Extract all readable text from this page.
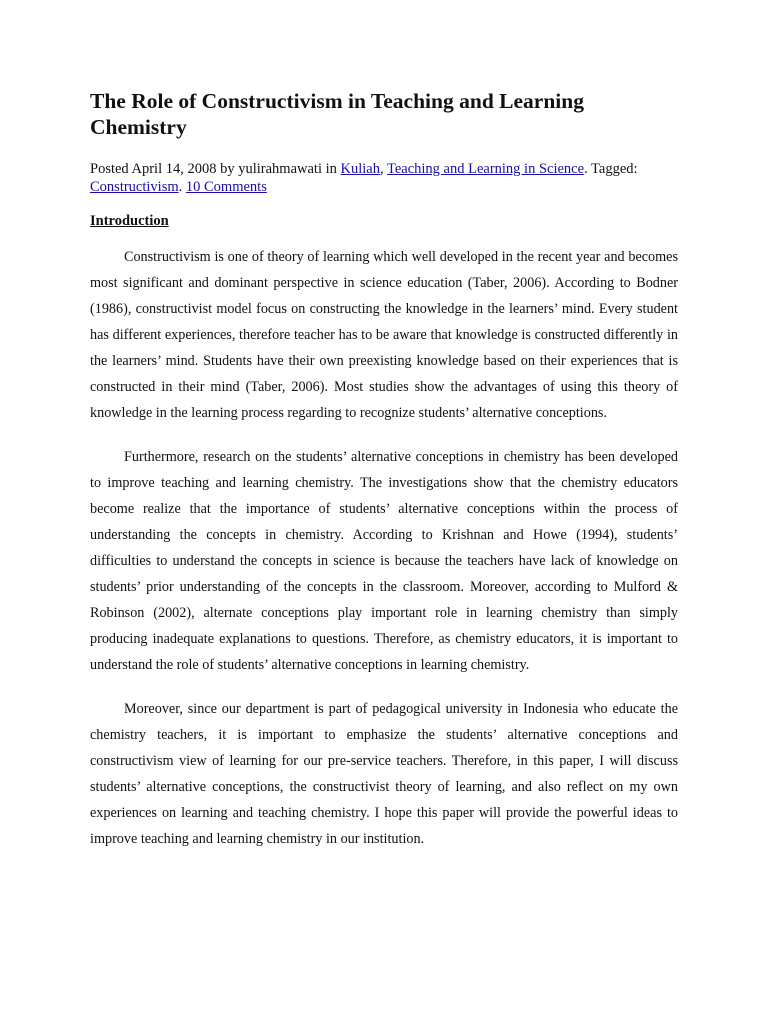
The Role of Constructivism in Teaching and Learning Chemistry
Posted April 14, 2008 by yulirahmawati in Kuliah, Teaching and Learning in Science. Tagged: Constructivism. 10 Comments
Introduction

Constructivism is one of theory of learning which well developed in the recent year and becomes most significant and dominant perspective in science education (Taber, 2006). According to Bodner (1986), constructivist model focus on constructing the knowledge in the learners’ mind. Every student has different experiences, therefore teacher has to be aware that knowledge is constructed differently in the learners’ mind. Students have their own preexisting knowledge based on their experiences that is constructed in their mind (Taber, 2006). Most studies show the advantages of using this theory of knowledge in the learning process regarding to recognize students’ alternative conceptions.

Furthermore, research on the students’ alternative conceptions in chemistry has been developed to improve teaching and learning chemistry. The investigations show that the chemistry educators become realize that the importance of students’ alternative conceptions within the process of understanding the concepts in chemistry. According to Krishnan and Howe (1994), students’ difficulties to understand the concepts in science is because the teachers have lack of knowledge on students’ prior understanding of the concepts in the classroom. Moreover, according to Mulford & Robinson (2002), alternate conceptions play important role in learning chemistry than simply producing inadequate explanations to questions. Therefore, as chemistry educators, it is important to understand the role of students’ alternative conceptions in learning chemistry.

Moreover, since our department is part of pedagogical university in Indonesia who educate the chemistry teachers, it is important to emphasize the students’ alternative conceptions and constructivism view of learning for our pre-service teachers. Therefore, in this paper, I will discuss students’ alternative conceptions, the constructivist theory of learning, and also reflect on my own experiences on learning and teaching chemistry. I hope this paper will provide the powerful ideas to improve teaching and learning chemistry in our institution.
